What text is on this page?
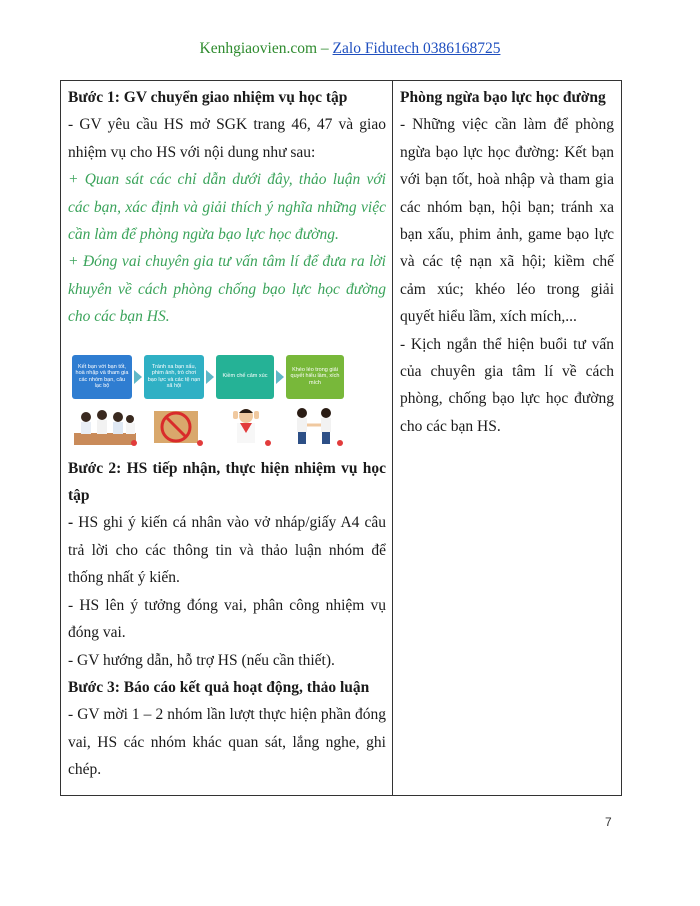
Kenhgiaovien.com – Zalo Fidutech 0386168725

Bước 1: GV chuyển giao nhiệm vụ học tập

- GV yêu cầu HS mở SGK trang 46, 47 và giao nhiệm vụ cho HS với nội dung như sau:

+ Quan sát các chỉ dẫn dưới đây, thảo luận với các bạn, xác định và giải thích ý nghĩa những việc cần làm để phòng ngừa bạo lực học đường.

+ Đóng vai chuyên gia tư vấn tâm lí để đưa ra lời khuyên về cách phòng chống bạo lực học đường cho các bạn HS.

Kết bạn với bạn tốt, hoà nhập và tham gia các nhóm bạn, câu lạc bộ
Tránh xa bạn xấu, phim ảnh, trò chơi bạo lực và các tệ nạn xã hội
Kiềm chế cảm xúc
Khéo léo trong giải quyết hiểu lầm, xích mích

Bước 2: HS tiếp nhận, thực hiện nhiệm vụ học tập

- HS ghi ý kiến cá nhân vào vở nháp/giấy A4 câu trả lời cho các thông tin và thảo luận nhóm để thống nhất ý kiến.

- HS lên ý tưởng đóng vai, phân công nhiệm vụ đóng vai.

- GV hướng dẫn, hỗ trợ HS (nếu cần thiết).

Bước 3: Báo cáo kết quả hoạt động, thảo luận

- GV mời 1 – 2 nhóm lần lượt thực hiện phần đóng vai, HS các nhóm khác quan sát, lắng nghe, ghi chép.

Phòng ngừa bạo lực học đường

- Những việc cần làm để phòng ngừa bạo lực học đường: Kết bạn với bạn tốt, hoà nhập và tham gia các nhóm bạn, hội bạn; tránh xa bạn xấu, phim ảnh, game bạo lực và các tệ nạn xã hội; kiềm chế cảm xúc; khéo léo trong giải quyết hiểu lầm, xích mích,...

- Kịch ngắn thể hiện buổi tư vấn của chuyên gia tâm lí về cách phòng, chống bạo lực học đường cho các bạn HS.

7
